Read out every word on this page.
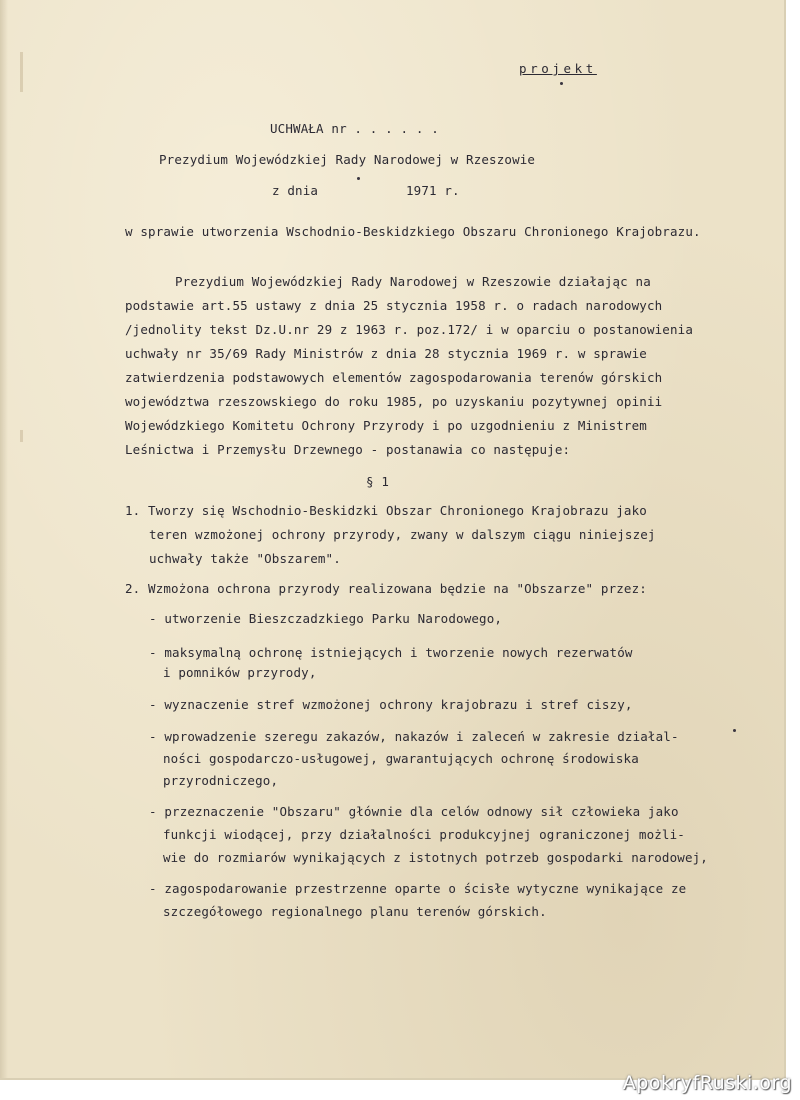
projekt
UCHWAŁA nr . . . . . .
Prezydium Wojewódzkiej Rady Narodowej w Rzeszowie
z dnia	1971 r.
w sprawie utworzenia Wschodnio-Beskidzkiego Obszaru Chronionego Krajobrazu.
Prezydium Wojewódzkiej Rady Narodowej w Rzeszowie działając na
podstawie art.55 ustawy z dnia 25 stycznia 1958 r. o radach narodowych
/jednolity tekst Dz.U.nr 29 z 1963 r. poz.172/ i w oparciu o postanowienia
uchwały nr 35/69 Rady Ministrów z dnia 28 stycznia 1969 r. w sprawie
zatwierdzenia podstawowych elementów zagospodarowania terenów górskich
województwa rzeszowskiego do roku 1985, po uzyskaniu pozytywnej opinii
Wojewódzkiego Komitetu Ochrony Przyrody i po uzgodnieniu z Ministrem
Leśnictwa i Przemysłu Drzewnego - postanawia co następuje:
§ 1
1. Tworzy się Wschodnio-Beskidzki Obszar Chronionego Krajobrazu jako
teren wzmożonej ochrony przyrody, zwany w dalszym ciągu niniejszej
uchwały także "Obszarem".
2. Wzmożona ochrona przyrody realizowana będzie na "Obszarze" przez:
- utworzenie Bieszczadzkiego Parku Narodowego,
- maksymalną ochronę istniejących i tworzenie nowych rezerwatów
i pomników przyrody,
- wyznaczenie stref wzmożonej ochrony krajobrazu i stref ciszy,
- wprowadzenie szeregu zakazów, nakazów i zaleceń w zakresie działal-
ności gospodarczo-usługowej, gwarantujących ochronę środowiska
przyrodniczego,
- przeznaczenie "Obszaru" głównie dla celów odnowy sił człowieka jako
funkcji wiodącej, przy działalności produkcyjnej ograniczonej możli-
wie do rozmiarów wynikających z istotnych potrzeb gospodarki narodowej,
- zagospodarowanie przestrzenne oparte o ścisłe wytyczne wynikające ze
szczegółowego regionalnego planu terenów górskich.
ApokryfRuski.org
